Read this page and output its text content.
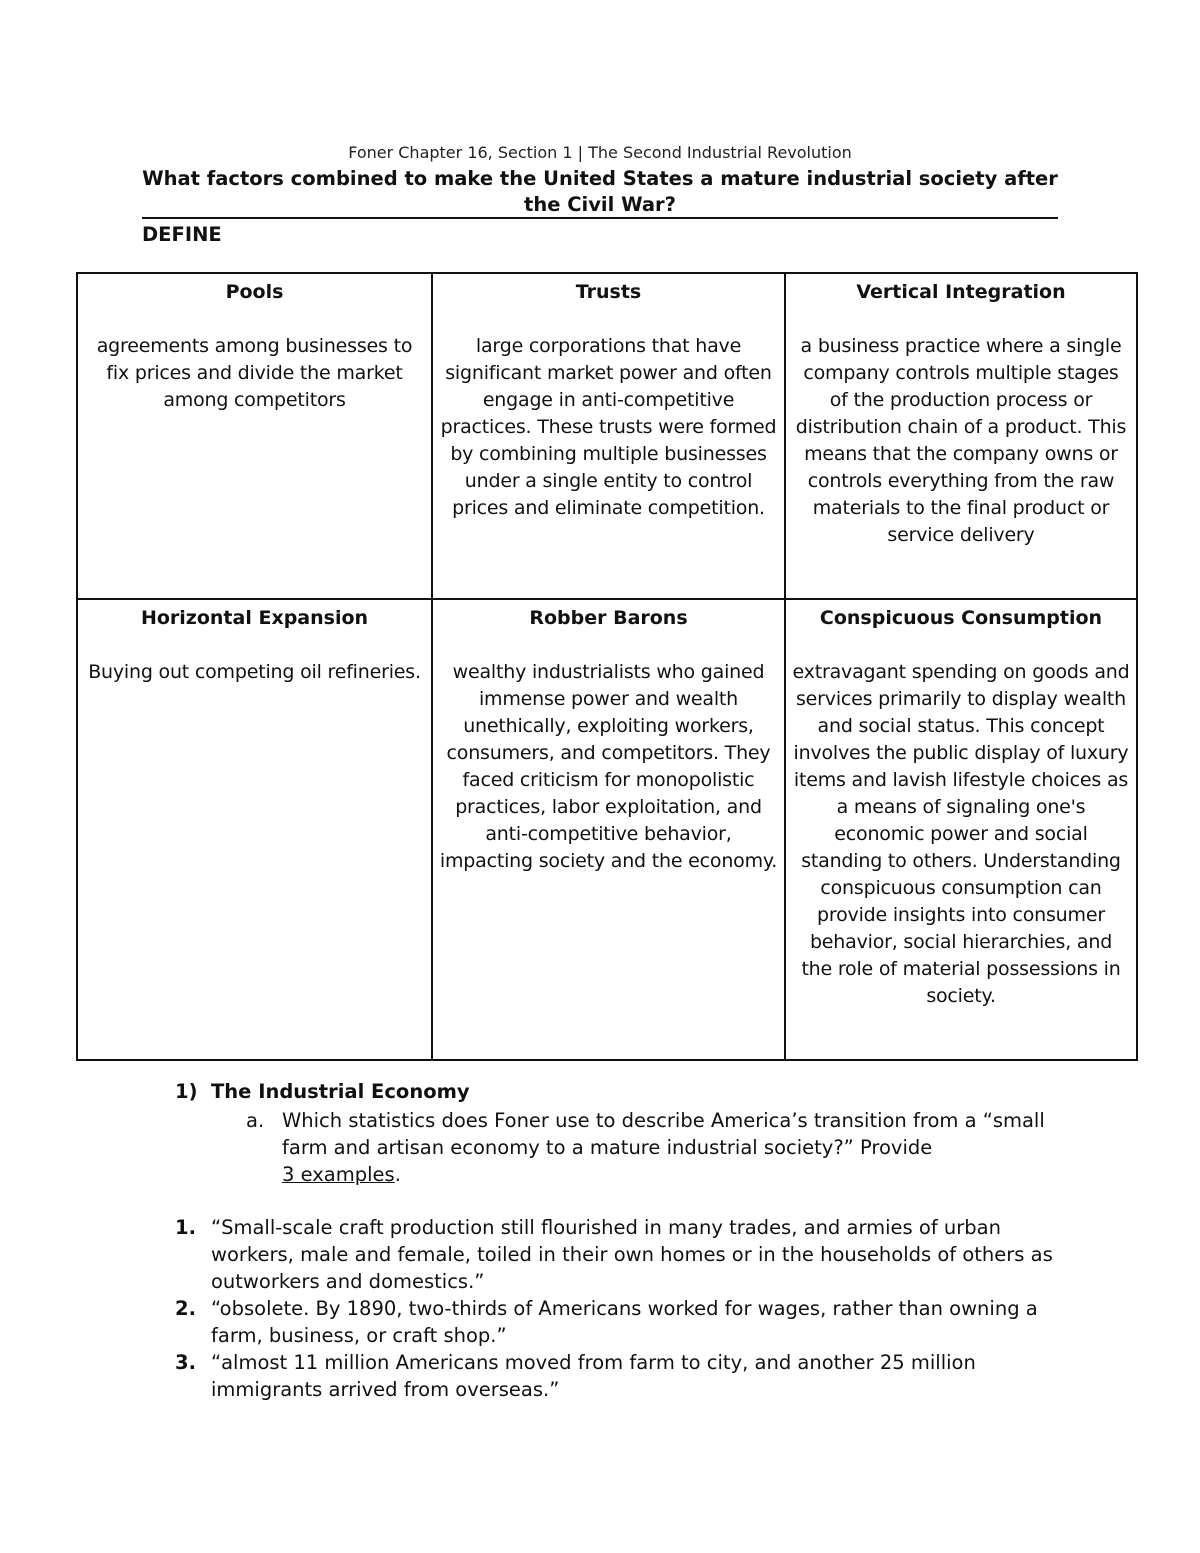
Foner Chapter 16, Section 1 | The Second Industrial Revolution
What factors combined to make the United States a mature industrial society after the Civil War?
DEFINE
Pools
agreements among businesses to fix prices and divide the market among competitors
Trusts
large corporations that have significant market power and often engage in anti-competitive practices. These trusts were formed by combining multiple businesses under a single entity to control prices and eliminate competition.
Vertical Integration
a business practice where a single company controls multiple stages of the production process or distribution chain of a product. This means that the company owns or controls everything from the raw materials to the final product or service delivery
Horizontal Expansion
Buying out competing oil refineries.
Robber Barons
wealthy industrialists who gained immense power and wealth unethically, exploiting workers, consumers, and competitors. They faced criticism for monopolistic practices, labor exploitation, and anti-competitive behavior, impacting society and the economy.
Conspicuous Consumption
extravagant spending on goods and services primarily to display wealth and social status. This concept involves the public display of luxury items and lavish lifestyle choices as a means of signaling one's economic power and social standing to others. Understanding conspicuous consumption can provide insights into consumer behavior, social hierarchies, and the role of material possessions in society.
1) The Industrial Economy
a. Which statistics does Foner use to describe America’s transition from a “small farm and artisan economy to a mature industrial society?” Provide
3 examples.
1. “Small-scale craft production still flourished in many trades, and armies of urban workers, male and female, toiled in their own homes or in the households of others as outworkers and domestics.”
2. “obsolete. By 1890, two-thirds of Americans worked for wages, rather than owning a farm, business, or craft shop.”
3. “almost 11 million Americans moved from farm to city, and another 25 million immigrants arrived from overseas.”
